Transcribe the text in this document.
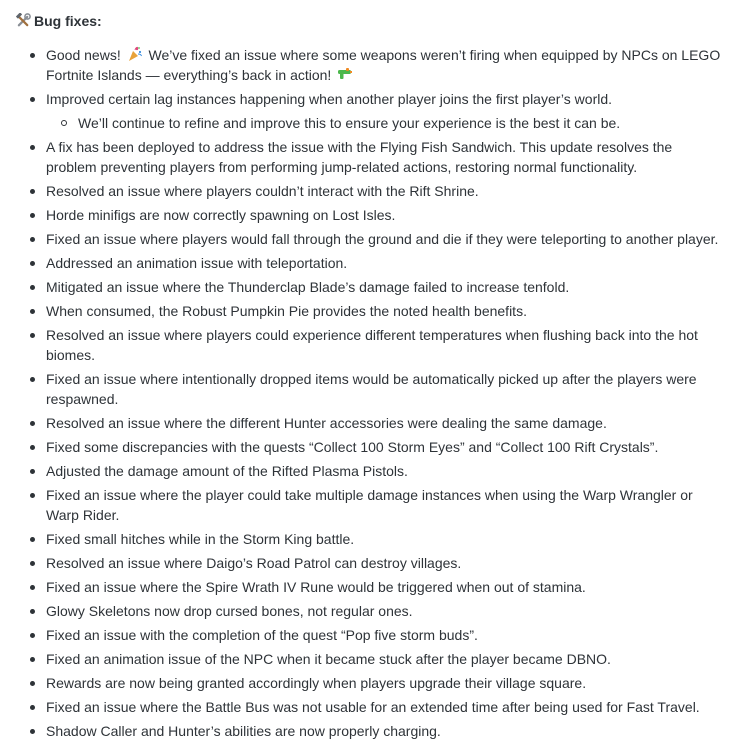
Bug fixes:
Good news!  We’ve fixed an issue where some weapons weren’t firing when equipped by NPCs on LEGO Fortnite Islands — everything’s back in action!
Improved certain lag instances happening when another player joins the first player’s world.
We’ll continue to refine and improve this to ensure your experience is the best it can be.
A fix has been deployed to address the issue with the Flying Fish Sandwich. This update resolves the problem preventing players from performing jump-related actions, restoring normal functionality.
Resolved an issue where players couldn’t interact with the Rift Shrine.
Horde minifigs are now correctly spawning on Lost Isles.
Fixed an issue where players would fall through the ground and die if they were teleporting to another player.
Addressed an animation issue with teleportation.
Mitigated an issue where the Thunderclap Blade’s damage failed to increase tenfold.
When consumed, the Robust Pumpkin Pie provides the noted health benefits.
Resolved an issue where players could experience different temperatures when flushing back into the hot biomes.
Fixed an issue where intentionally dropped items would be automatically picked up after the players were respawned.
Resolved an issue where the different Hunter accessories were dealing the same damage.
Fixed some discrepancies with the quests “Collect 100 Storm Eyes” and “Collect 100 Rift Crystals”.
Adjusted the damage amount of the Rifted Plasma Pistols.
Fixed an issue where the player could take multiple damage instances when using the Warp Wrangler or Warp Rider.
Fixed small hitches while in the Storm King battle.
Resolved an issue where Daigo’s Road Patrol can destroy villages.
Fixed an issue where the Spire Wrath IV Rune would be triggered when out of stamina.
Glowy Skeletons now drop cursed bones, not regular ones.
Fixed an issue with the completion of the quest “Pop five storm buds”.
Fixed an animation issue of the NPC when it became stuck after the player became DBNO.
Rewards are now being granted accordingly when players upgrade their village square.
Fixed an issue where the Battle Bus was not usable for an extended time after being used for Fast Travel.
Shadow Caller and Hunter’s abilities are now properly charging.
